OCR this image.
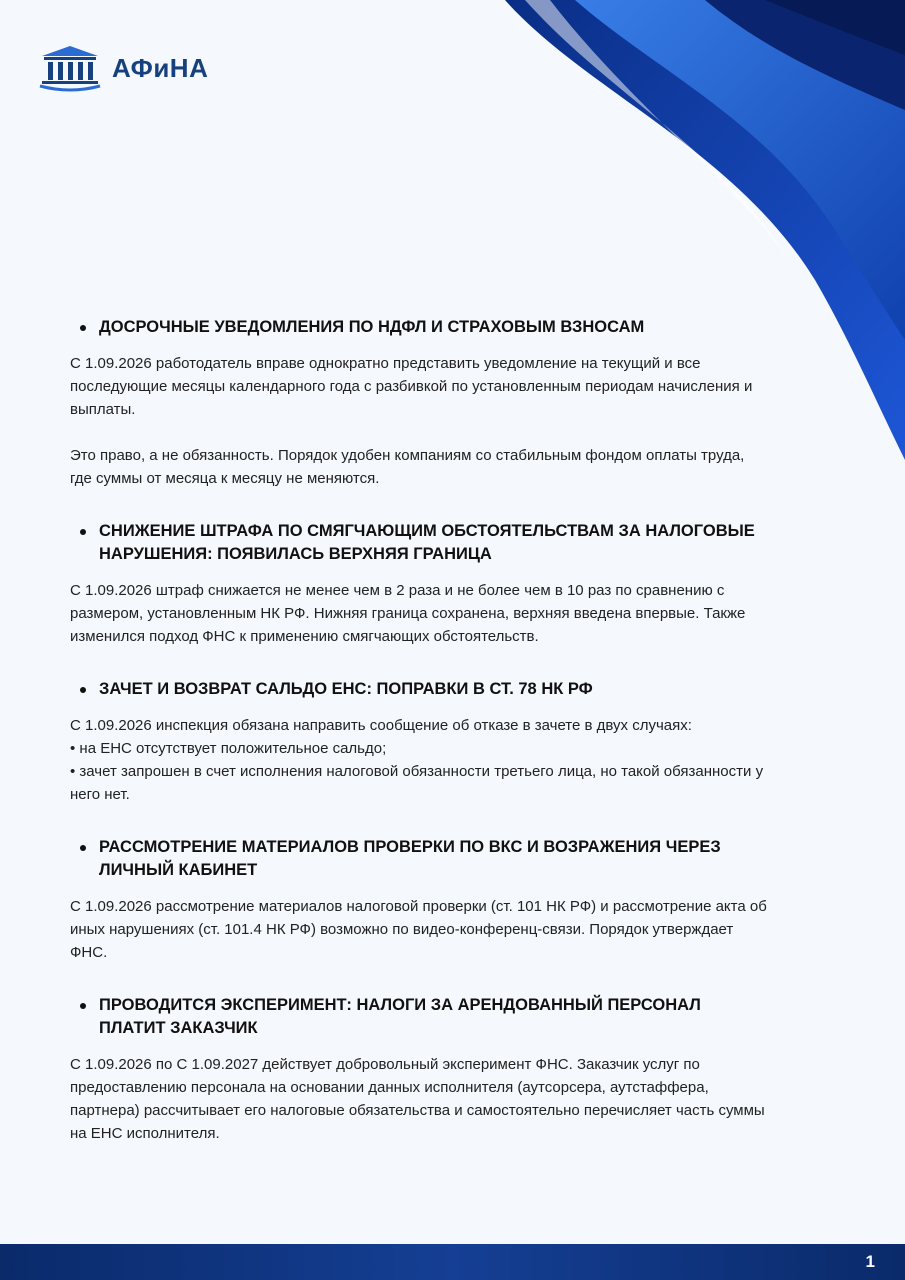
АФиНА
ДОСРОЧНЫЕ УВЕДОМЛЕНИЯ ПО НДФЛ И СТРАХОВЫМ ВЗНОСАМ

С 1.09.2026 работодатель вправе однократно представить уведомление на текущий и все последующие месяцы календарного года с разбивкой по установленным периодам начисления и выплаты.

Это право, а не обязанность. Порядок удобен компаниям со стабильным фондом оплаты труда, где суммы от месяца к месяцу не меняются.

СНИЖЕНИЕ ШТРАФА ПО СМЯГЧАЮЩИМ ОБСТОЯТЕЛЬСТВАМ ЗА НАЛОГОВЫЕ НАРУШЕНИЯ: ПОЯВИЛАСЬ ВЕРХНЯЯ ГРАНИЦА

С 1.09.2026 штраф снижается не менее чем в 2 раза и не более чем в 10 раз по сравнению с размером, установленным НК РФ. Нижняя граница сохранена, верхняя введена впервые. Также изменился подход ФНС к применению смягчающих обстоятельств.

ЗАЧЕТ И ВОЗВРАТ САЛЬДО ЕНС: ПОПРАВКИ В СТ. 78 НК РФ

С 1.09.2026 инспекция обязана направить сообщение об отказе в зачете в двух случаях:

• на ЕНС отсутствует положительное сальдо;

• зачет запрошен в счет исполнения налоговой обязанности третьего лица, но такой обязанности у него нет.

РАССМОТРЕНИЕ МАТЕРИАЛОВ ПРОВЕРКИ ПО ВКС И ВОЗРАЖЕНИЯ ЧЕРЕЗ ЛИЧНЫЙ КАБИНЕТ

С 1.09.2026 рассмотрение материалов налоговой проверки (ст. 101 НК РФ) и рассмотрение акта об иных нарушениях (ст. 101.4 НК РФ) возможно по видео-конференц-связи. Порядок утверждает ФНС.

ПРОВОДИТСЯ ЭКСПЕРИМЕНТ: НАЛОГИ ЗА АРЕНДОВАННЫЙ ПЕРСОНАЛ ПЛАТИТ ЗАКАЗЧИК

С 1.09.2026 по С 1.09.2027 действует добровольный эксперимент ФНС. Заказчик услуг по предоставлению персонала на основании данных исполнителя (аутсорсера, аутстаффера, партнера) рассчитывает его налоговые обязательства и самостоятельно перечисляет часть суммы на ЕНС исполнителя.

1
